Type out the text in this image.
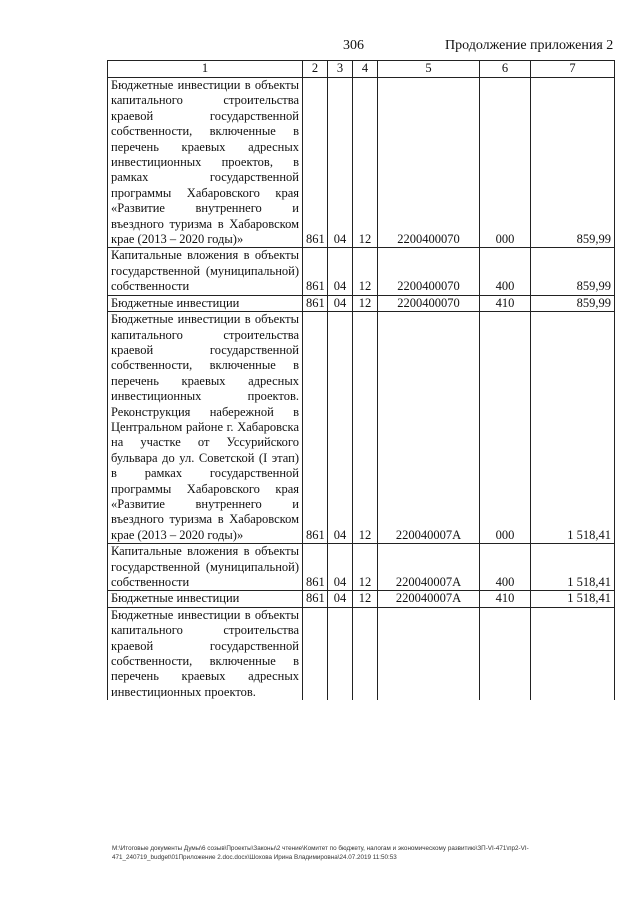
306	Продолжение приложения 2
1	2	3	4	5	6	7
Бюджетные инвестиции в объекты капитального строительства краевой государственной собственности, включенные в перечень краевых адресных инвестиционных проектов, в рамках государственной программы Хабаровского края «Развитие внутреннего и въездного туризма в Хабаровском крае (2013 – 2020 годы)»	861	04	12	2200400070	000	859,99
Капитальные вложения в объекты государственной (муниципальной) собственности	861	04	12	2200400070	400	859,99
Бюджетные инвестиции	861	04	12	2200400070	410	859,99
Бюджетные инвестиции в объекты капитального строительства краевой государственной собственности, включенные в перечень краевых адресных инвестиционных проектов. Реконструкция набережной в Центральном районе г. Хабаровска на участке от Уссурийского бульвара до ул. Советской (I этап) в рамках государственной программы Хабаровского края «Развитие внутреннего и въездного туризма в Хабаровском крае (2013 – 2020 годы)»	861	04	12	220040007А	000	1 518,41
Капитальные вложения в объекты государственной (муниципальной) собственности	861	04	12	220040007А	400	1 518,41
Бюджетные инвестиции	861	04	12	220040007А	410	1 518,41
Бюджетные инвестиции в объекты капитального строительства краевой государственной собственности, включенные в перечень краевых адресных инвестиционных проектов.						
M:\Итоговые документы Думы\6 созыв\Проекты\Законы\2 чтение\Комитет по бюджету, налогам и экономическому развитию\ЗП-VI-471\пр2-VI-471_240719_budget\01Приложение 2.doc.docx\Шохова Ирина Владимировна\24.07.2019 11:50:53
